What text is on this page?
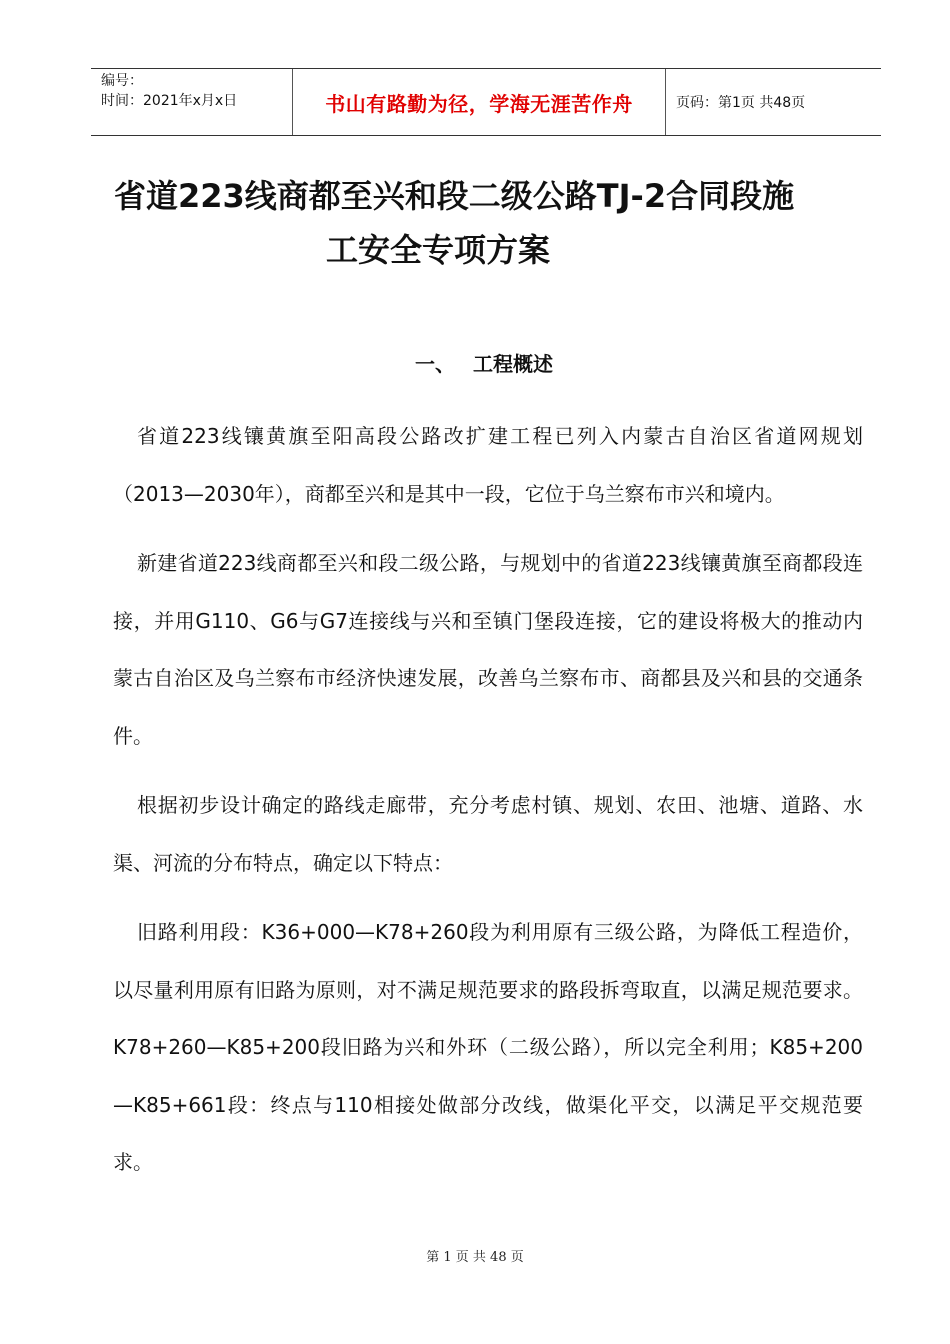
编号：
时间：2021年x月x日	书山有路勤为径，学海无涯苦作舟	页码：第1页 共48页
省道223线商都至兴和段二级公路TJ-2合同段施
工安全专项方案
一、 工程概述

省道223线镶黄旗至阳高段公路改扩建工程已列入内蒙古自治区省道网规划（2013—2030年），商都至兴和是其中一段，它位于乌兰察布市兴和境内。

新建省道223线商都至兴和段二级公路，与规划中的省道223线镶黄旗至商都段连接，并用G110、G6与G7连接线与兴和至镇门堡段连接，它的建设将极大的推动内蒙古自治区及乌兰察布市经济快速发展，改善乌兰察布市、商都县及兴和县的交通条件。

根据初步设计确定的路线走廊带，充分考虑村镇、规划、农田、池塘、道路、水渠、河流的分布特点，确定以下特点：

旧路利用段：K36+000—K78+260段为利用原有三级公路，为降低工程造价，以尽量利用原有旧路为原则，对不满足规范要求的路段拆弯取直，以满足规范要求。K78+260—K85+200段旧路为兴和外环（二级公路），所以完全利用；K85+200—K85+661段：终点与110相接处做部分改线，做渠化平交，以满足平交规范要求。

第 1 页 共 48 页
